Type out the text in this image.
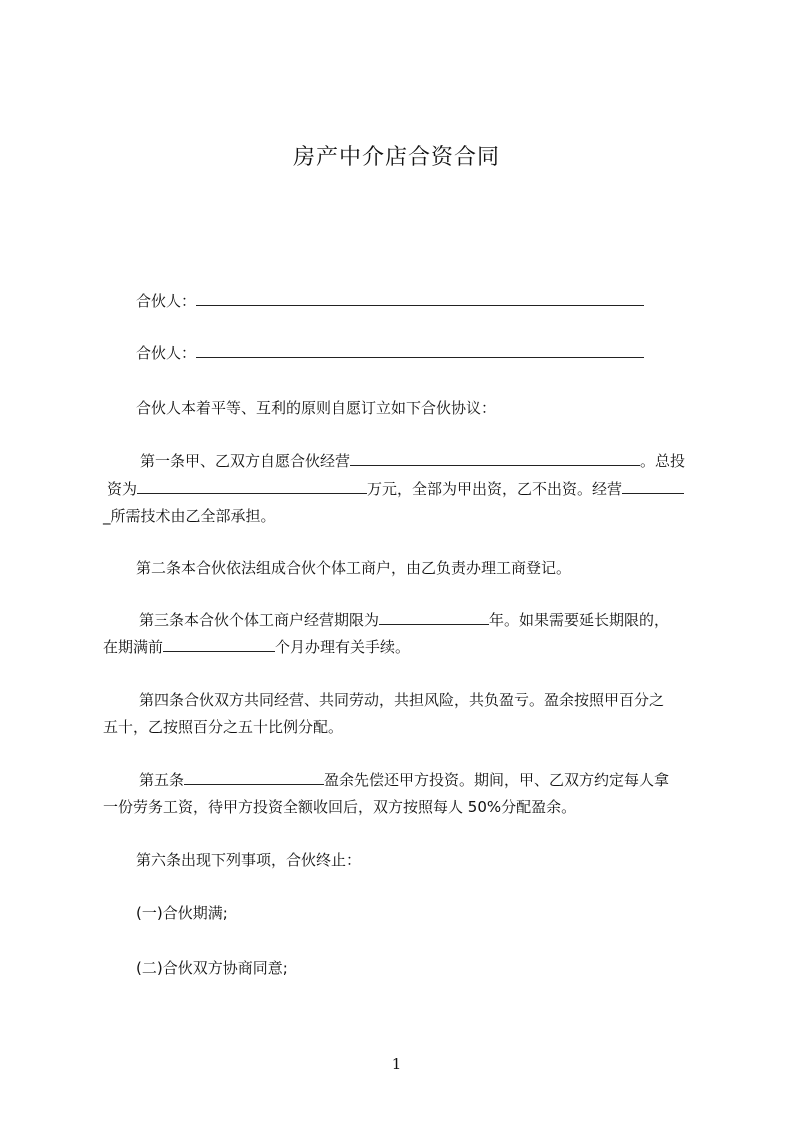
房产中介店合资合同
合伙人：
合伙人：
合伙人本着平等、互利的原则自愿订立如下合伙协议：
第一条甲、乙双方自愿合伙经营	。总投
资为	万元，全部为甲出资，乙不出资。经营
_所需技术由乙全部承担。
第二条本合伙依法组成合伙个体工商户，由乙负责办理工商登记。
第三条本合伙个体工商户经营期限为	年。如果需要延长期限的，
在期满前	个月办理有关手续。
第四条合伙双方共同经营、共同劳动，共担风险，共负盈亏。盈余按照甲百分之
五十，乙按照百分之五十比例分配。
第五条	盈余先偿还甲方投资。期间，甲、乙双方约定每人拿
一份劳务工资，待甲方投资全额收回后，双方按照每人 50%分配盈余。
第六条出现下列事项，合伙终止：
(一)合伙期满;
(二)合伙双方协商同意;
1
